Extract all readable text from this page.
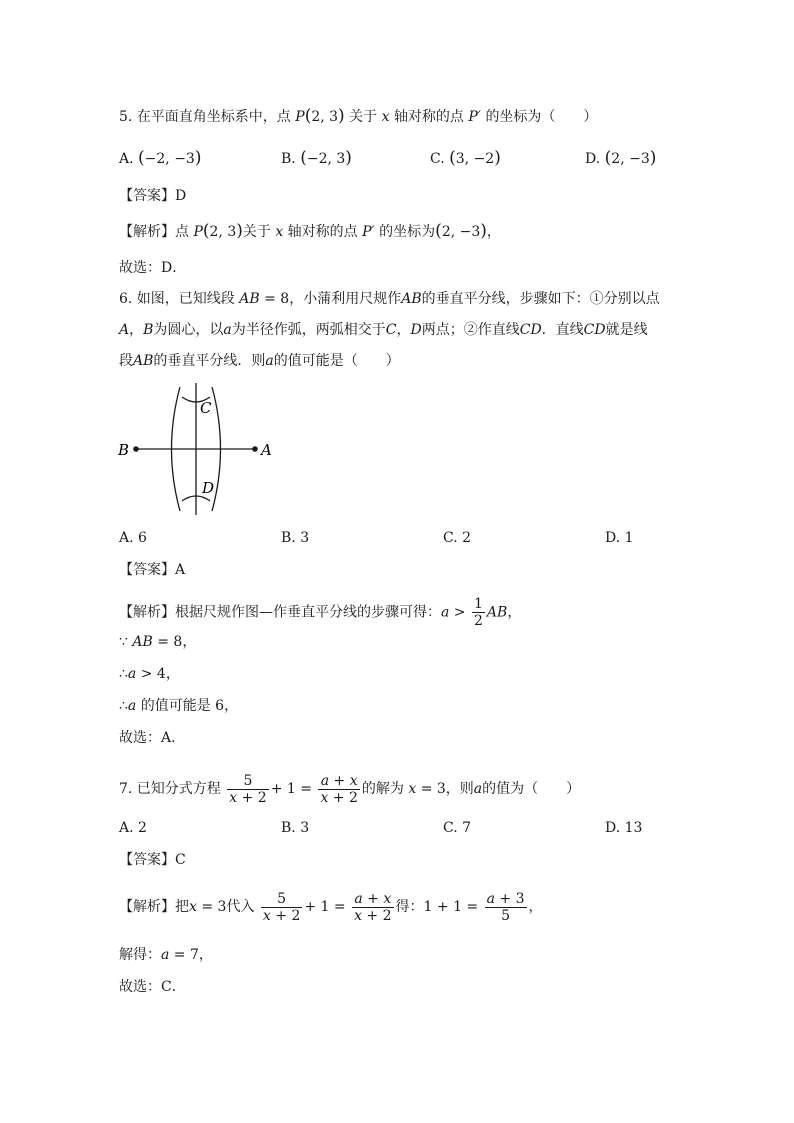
5. 在平面直角坐标系中，点 P(2, 3) 关于 x 轴对称的点 P′ 的坐标为（　　）
A. (−2, −3)	B. (−2, 3)	C. (3, −2)	D. (2, −3)
【答案】D
【解析】点 P(2, 3)关于 x 轴对称的点 P′ 的坐标为(2, −3)，
故选：D．
6. 如图，已知线段 AB = 8，小蒲利用尺规作AB的垂直平分线，步骤如下：①分别以点
A，B为圆心，以a为半径作弧，两弧相交于C，D两点；②作直线CD．直线CD就是线
段AB的垂直平分线．则a的值可能是（　　）
B	A
C
D
A. 6	B. 3	C. 2	D. 1
【答案】A
【解析】根据尺规作图—作垂直平分线的步骤可得：$a > \frac{1}{2}$ AB，
∵ AB = 8，
∴a > 4，
∴a 的值可能是 6，
故选：A．
7. 已知分式方程 $\frac{5}{x + 2} + 1 = \frac{a + x}{x + 2}$ 的解为 x = 3，则a的值为（　　）
A. 2	B. 3	C. 7	D. 13
【答案】C
【解析】把x = 3代入 $\frac{5}{x + 2} + 1 = \frac{a + x}{x + 2}$ 得：$1 + 1 = \frac{a + 3}{5}$ ，
解得：a = 7，
故选：C．
